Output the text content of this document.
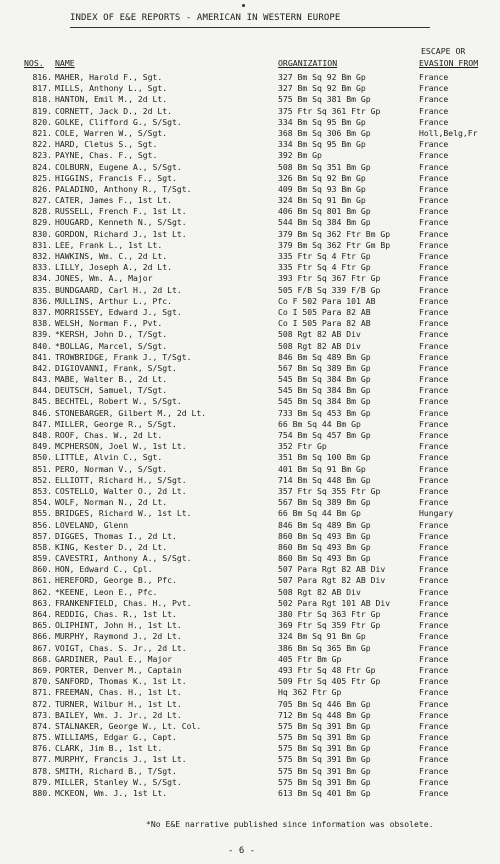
INDEX OF E&E REPORTS - AMERICAN IN WESTERN EUROPE
ESCAPE OR
NOS. NAME	ORGANIZATION	EVASION FROM
816. MAHER, Harold F., Sgt.	327 Bm Sq 92 Bm Gp	France
817. MILLS, Anthony L., Sgt.	327 Bm Sq 92 Bm Gp	France
818. HANTON, Emil M., 2d Lt.	575 Bm Sq 381 Bm Gp	France
819. CORNETT, Jack D., 2d Lt.	375 Ftr Sq 361 Ftr Gp	France
820. GOLKE, Clifford G., S/Sgt.	334 Bm Sq 95 Bm Gp	France
821. COLE, Warren W., S/Sgt.	368 Bm Sq 306 Bm Gp	Holl,Belg,Fr
822. HARD, Cletus S., Sgt.	334 Bm Sq 95 Bm Gp	France
823. PAYNE, Chas. F., Sgt.	392 Bm Gp	France
824. COLBURN, Eugene A., S/Sgt.	508 Bm Sq 351 Bm Gp	France
825. HIGGINS, Francis F., Sgt.	326 Bm Sq 92 Bm Gp	France
826. PALADINO, Anthony R., T/Sgt.	409 Bm Sq 93 Bm Gp	France
827. CATER, James F., 1st Lt.	324 Bm Sq 91 Bm Gp	France
828. RUSSELL, French F., 1st Lt.	406 Bm Sq 801 Bm Gp	France
829. HOUGARD, Kenneth N., S/Sgt.	544 Bm Sq 384 Bm Gp	France
830. GORDON, Richard J., 1st Lt.	379 Bm Sq 362 Ftr Bm Gp	France
831. LEE, Frank L., 1st Lt.	379 Bm Sq 362 Ftr Gm Bp	France
832. HAWKINS, Wm. C., 2d Lt.	335 Ftr Sq 4 Ftr Gp	France
833. LILLY, Joseph A., 2d Lt.	335 Ftr Sq 4 Ftr Gp	France
834. JONES, Wm. A., Major	393 Ftr Sq 367 Ftr Gp	France
835. BUNDGAARD, Carl H., 2d Lt.	505 F/B Sq 339 F/B Gp	France
836. MULLINS, Arthur L., Pfc.	Co F 502 Para 101 AB	France
837. MORRISSEY, Edward J., Sgt.	Co I 505 Para 82 AB	France
838. WELSH, Norman F., Pvt.	Co I 505 Para 82 AB	France
839. *KERSH, John D., T/Sgt.	508 Rgt 82 AB Div	France
840. *BOLLAG, Marcel, S/Sgt.	508 Rgt 82 AB Div	France
841. TROWBRIDGE, Frank J., T/Sgt.	846 Bm Sq 489 Bm Gp	France
842. DIGIOVANNI, Frank, S/Sgt.	567 Bm Sq 389 Bm Gp	France
843. MABE, Walter B., 2d Lt.	545 Bm Sq 384 Bm Gp	France
844. DEUTSCH, Samuel, T/Sgt.	545 Bm Sq 384 Bm Gp	France
845. BECHTEL, Robert W., S/Sgt.	545 Bm Sq 384 Bm Gp	France
846. STONEBARGER, Gilbert M., 2d Lt.	733 Bm Sq 453 Bm Gp	France
847. MILLER, George R., S/Sgt.	66 Bm Sq 44 Bm Gp	France
848. ROOF, Chas. W., 2d Lt.	754 Bm Sq 457 Bm Gp	France
849. MCPHERSON, Joel W., 1st Lt.	352 Ftr Gp	France
850. LITTLE, Alvin C., Sgt.	351 Bm Sq 100 Bm Gp	France
851. PERO, Norman V., S/Sgt.	401 Bm Sq 91 Bm Gp	France
852. ELLIOTT, Richard H., S/Sgt.	714 Bm Sq 448 Bm Gp	France
853. COSTELLO, Walter O., 2d Lt.	357 Ftr Sq 355 Ftr Gp	France
854. WOLF, Norman N., 2d Lt.	567 Bm Sq 389 Bm Gp	France
855. BRIDGES, Richard W., 1st Lt.	66 Bm Sq 44 Bm Gp	Hungary
856. LOVELAND, Glenn	846 Bm Sq 489 Bm Gp	France
857. DIGGES, Thomas I., 2d Lt.	860 Bm Sq 493 Bm Gp	France
858. KING, Kester D., 2d Lt.	860 Bm Sq 493 Bm Gp	France
859. CAVESTRI, Anthony A., S/Sgt.	860 Bm Sq 493 Bm Gp	France
860. HON, Edward C., Cpl.	507 Para Rgt 82 AB Div	France
861. HEREFORD, George B., Pfc.	507 Para Rgt 82 AB Div	France
862. *KEENE, Leon E., Pfc.	508 Rgt 82 AB Div	France
863. FRANKENFIELD, Chas. H., Pvt.	502 Para Rgt 101 AB Div	France
864. REDDIG, Chas. R., 1st Lt.	380 Ftr Sq 363 Ftr Gp	France
865. OLIPHINT, John H., 1st Lt.	369 Ftr Sq 359 Ftr Gp	France
866. MURPHY, Raymond J., 2d Lt.	324 Bm Sq 91 Bm Gp	France
867. VOIGT, Chas. S. Jr., 2d Lt.	386 Bm Sq 365 Bm Gp	France
868. GARDINER, Paul E., Major	405 Ftr Bm Gp	France
869. PORTER, Denver M., Captain	493 Ftr Sq 48 Ftr Gp	France
870. SANFORD, Thomas K., 1st Lt.	509 Ftr Sq 405 Ftr Gp	France
871. FREEMAN, Chas. H., 1st Lt.	Hq 362 Ftr Gp	France
872. TURNER, Wilbur H., 1st Lt.	705 Bm Sq 446 Bm Gp	France
873. BAILEY, Wm. J. Jr., 2d Lt.	712 Bm Sq 448 Bm Gp	France
874. STALNAKER, George W., Lt. Col.	575 Bm Sq 391 Bm Gp	France
875. WILLIAMS, Edgar G., Capt.	575 Bm Sq 391 Bm Gp	France
876. CLARK, Jim B., 1st Lt.	575 Bm Sq 391 Bm Gp	France
877. MURPHY, Francis J., 1st Lt.	575 Bm Sq 391 Bm Gp	France
878. SMITH, Richard B., T/Sgt.	575 Bm Sq 391 Bm Gp	France
879. MILLER, Stanley W., S/Sgt.	575 Bm Sq 391 Bm Gp	France
880. MCKEON, Wm. J., 1st Lt.	613 Bm Sq 401 Bm Gp	France
*No E&E narrative published since information was obsolete.
- 6 -
